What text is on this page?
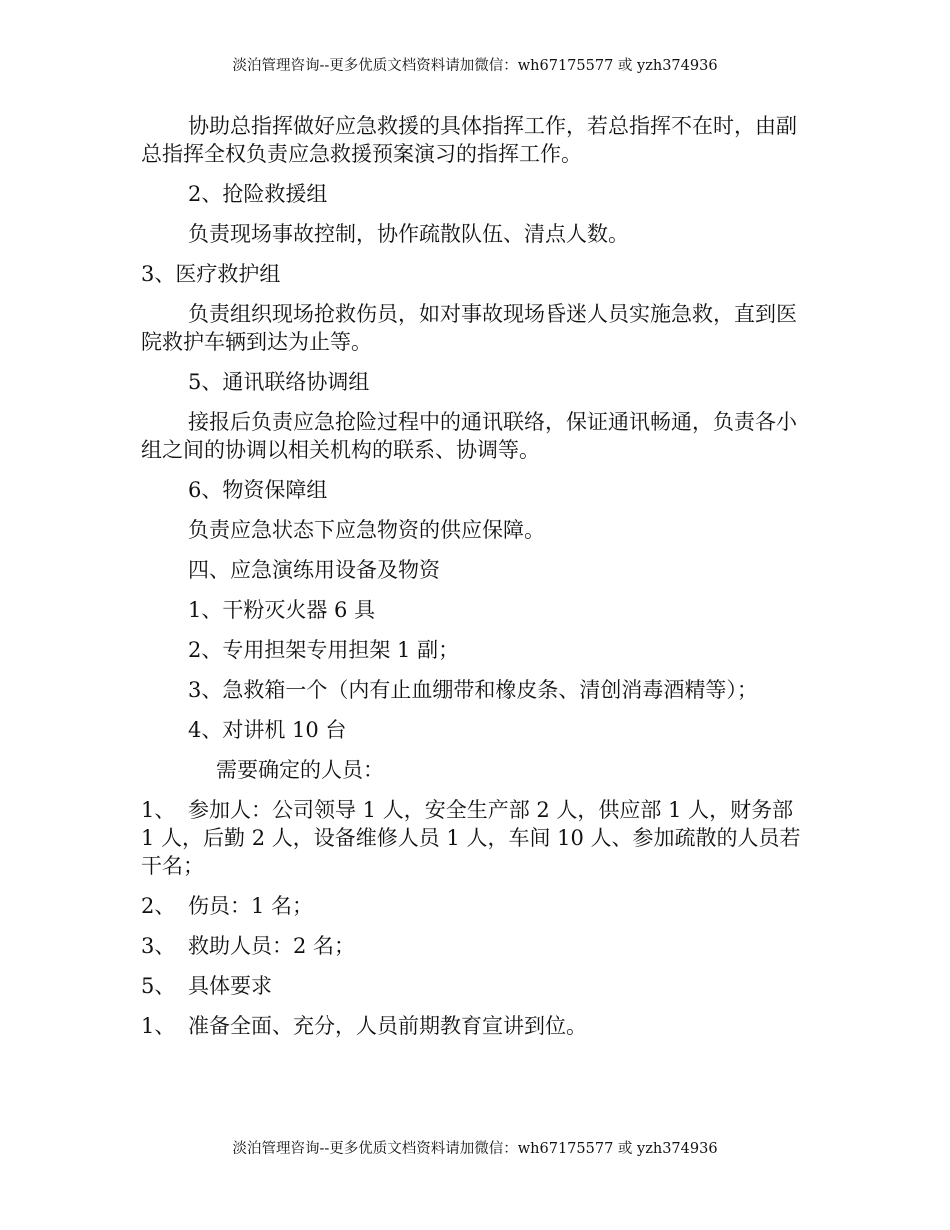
淡泊管理咨询--更多优质文档资料请加微信：wh67175577 或 yzh374936

协助总指挥做好应急救援的具体指挥工作，若总指挥不在时，由副总指挥全权负责应急救援预案演习的指挥工作。

2、抢险救援组

负责现场事故控制，协作疏散队伍、清点人数。

3、医疗救护组

负责组织现场抢救伤员，如对事故现场昏迷人员实施急救，直到医院救护车辆到达为止等。

5、通讯联络协调组

接报后负责应急抢险过程中的通讯联络，保证通讯畅通，负责各小组之间的协调以相关机构的联系、协调等。

6、物资保障组

负责应急状态下应急物资的供应保障。

四、应急演练用设备及物资

1、干粉灭火器 6 具

2、专用担架专用担架 1 副；

3、急救箱一个（内有止血绷带和橡皮条、清创消毒酒精等）；

4、对讲机 10 台

需要确定的人员：

1、 参加人：公司领导 1 人，安全生产部 2 人，供应部 1 人，财务部 1 人，后勤 2 人，设备维修人员 1 人，车间 10 人、参加疏散的人员若干名；

2、 伤员：1 名；

3、 救助人员：2 名；

5、 具体要求

1、 准备全面、充分，人员前期教育宣讲到位。

淡泊管理咨询--更多优质文档资料请加微信：wh67175577 或 yzh374936
